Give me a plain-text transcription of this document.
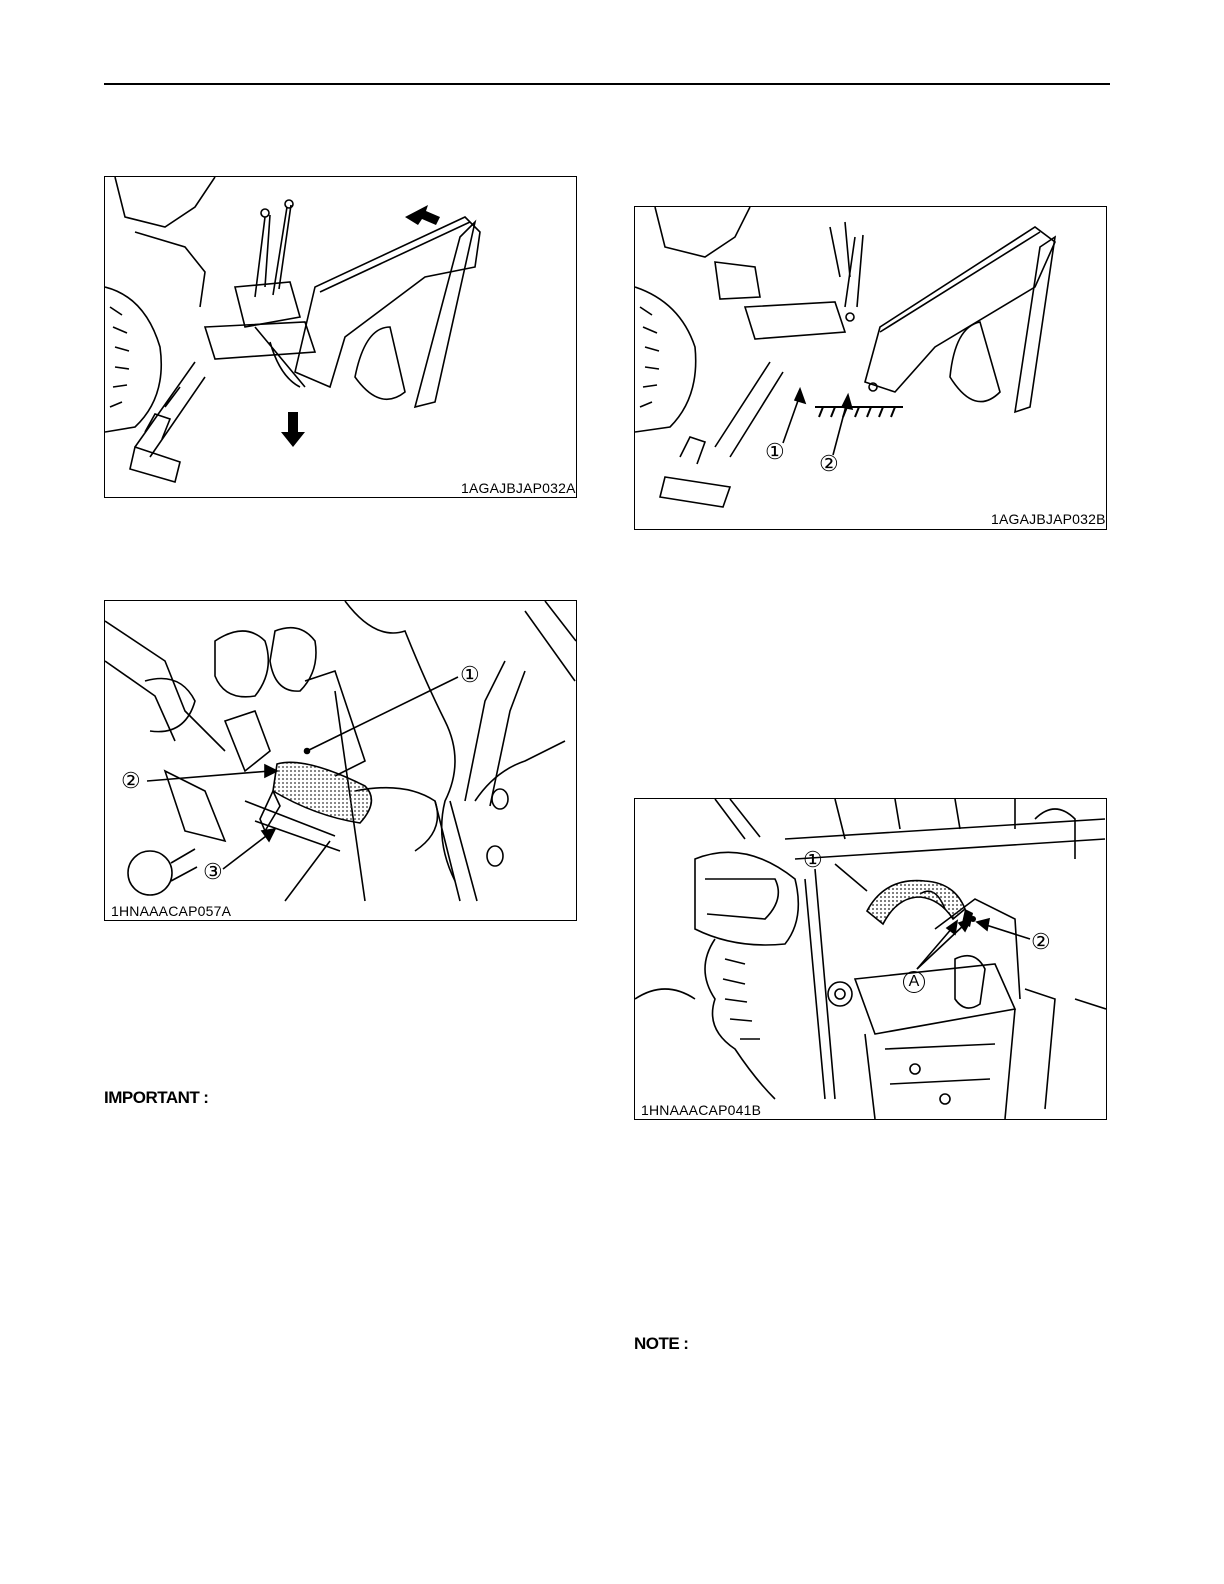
1AGAJBJAP032A
① ②
1AGAJBJAP032B
①
②
③
1HNAAACAP057A
①
②
A
1HNAAACAP041B
IMPORTANT :
NOTE :
